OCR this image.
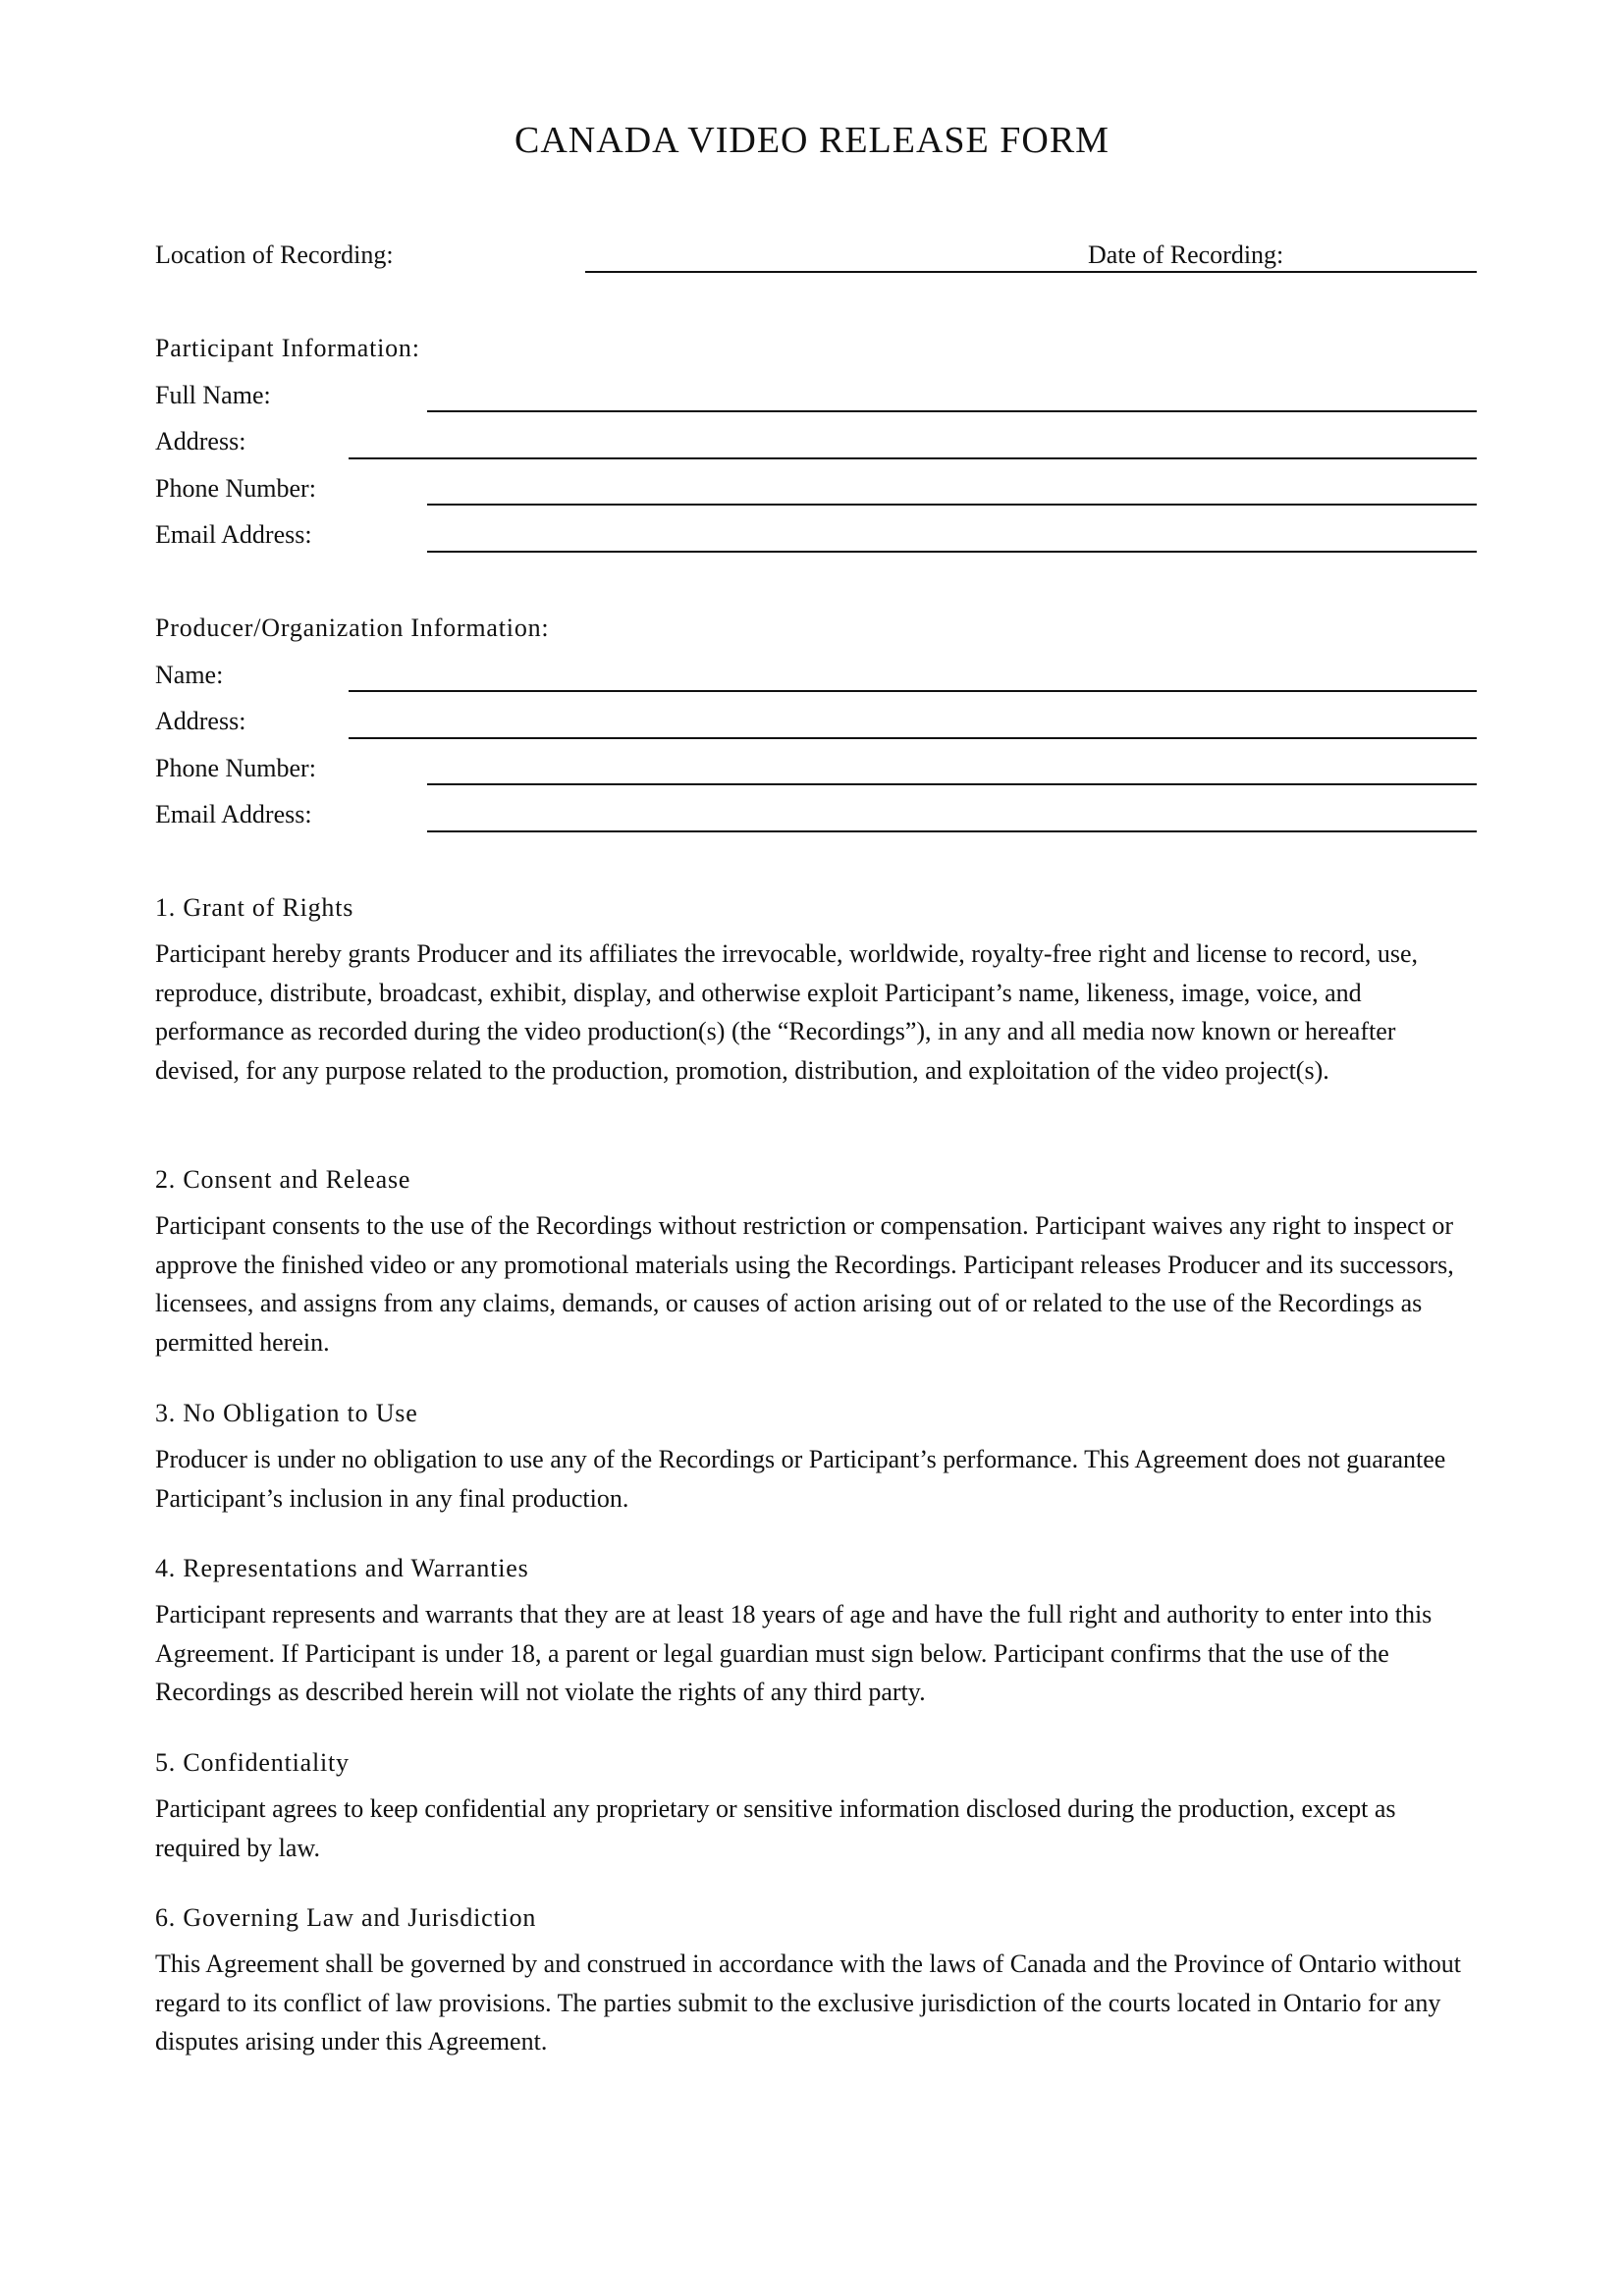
CANADA VIDEO RELEASE FORM
Location of Recording:	Date of Recording:
Participant Information:
Full Name:
Address:
Phone Number:
Email Address:
Producer/Organization Information:
Name:
Address:
Phone Number:
Email Address:
1. Grant of Rights

Participant hereby grants Producer and its affiliates the irrevocable, worldwide, royalty-free right and license to record, use, reproduce, distribute, broadcast, exhibit, display, and otherwise exploit Participant’s name, likeness, image, voice, and performance as recorded during the video production(s) (the “Recordings”), in any and all media now known or hereafter devised, for any purpose related to the production, promotion, distribution, and exploitation of the video project(s).

2. Consent and Release

Participant consents to the use of the Recordings without restriction or compensation. Participant waives any right to inspect or approve the finished video or any promotional materials using the Recordings. Participant releases Producer and its successors, licensees, and assigns from any claims, demands, or causes of action arising out of or related to the use of the Recordings as permitted herein.

3. No Obligation to Use

Producer is under no obligation to use any of the Recordings or Participant’s performance. This Agreement does not guarantee Participant’s inclusion in any final production.

4. Representations and Warranties

Participant represents and warrants that they are at least 18 years of age and have the full right and authority to enter into this Agreement. If Participant is under 18, a parent or legal guardian must sign below. Participant confirms that the use of the Recordings as described herein will not violate the rights of any third party.

5. Confidentiality

Participant agrees to keep confidential any proprietary or sensitive information disclosed during the production, except as required by law.

6. Governing Law and Jurisdiction

This Agreement shall be governed by and construed in accordance with the laws of Canada and the Province of Ontario without regard to its conflict of law provisions. The parties submit to the exclusive jurisdiction of the courts located in Ontario for any disputes arising under this Agreement.
